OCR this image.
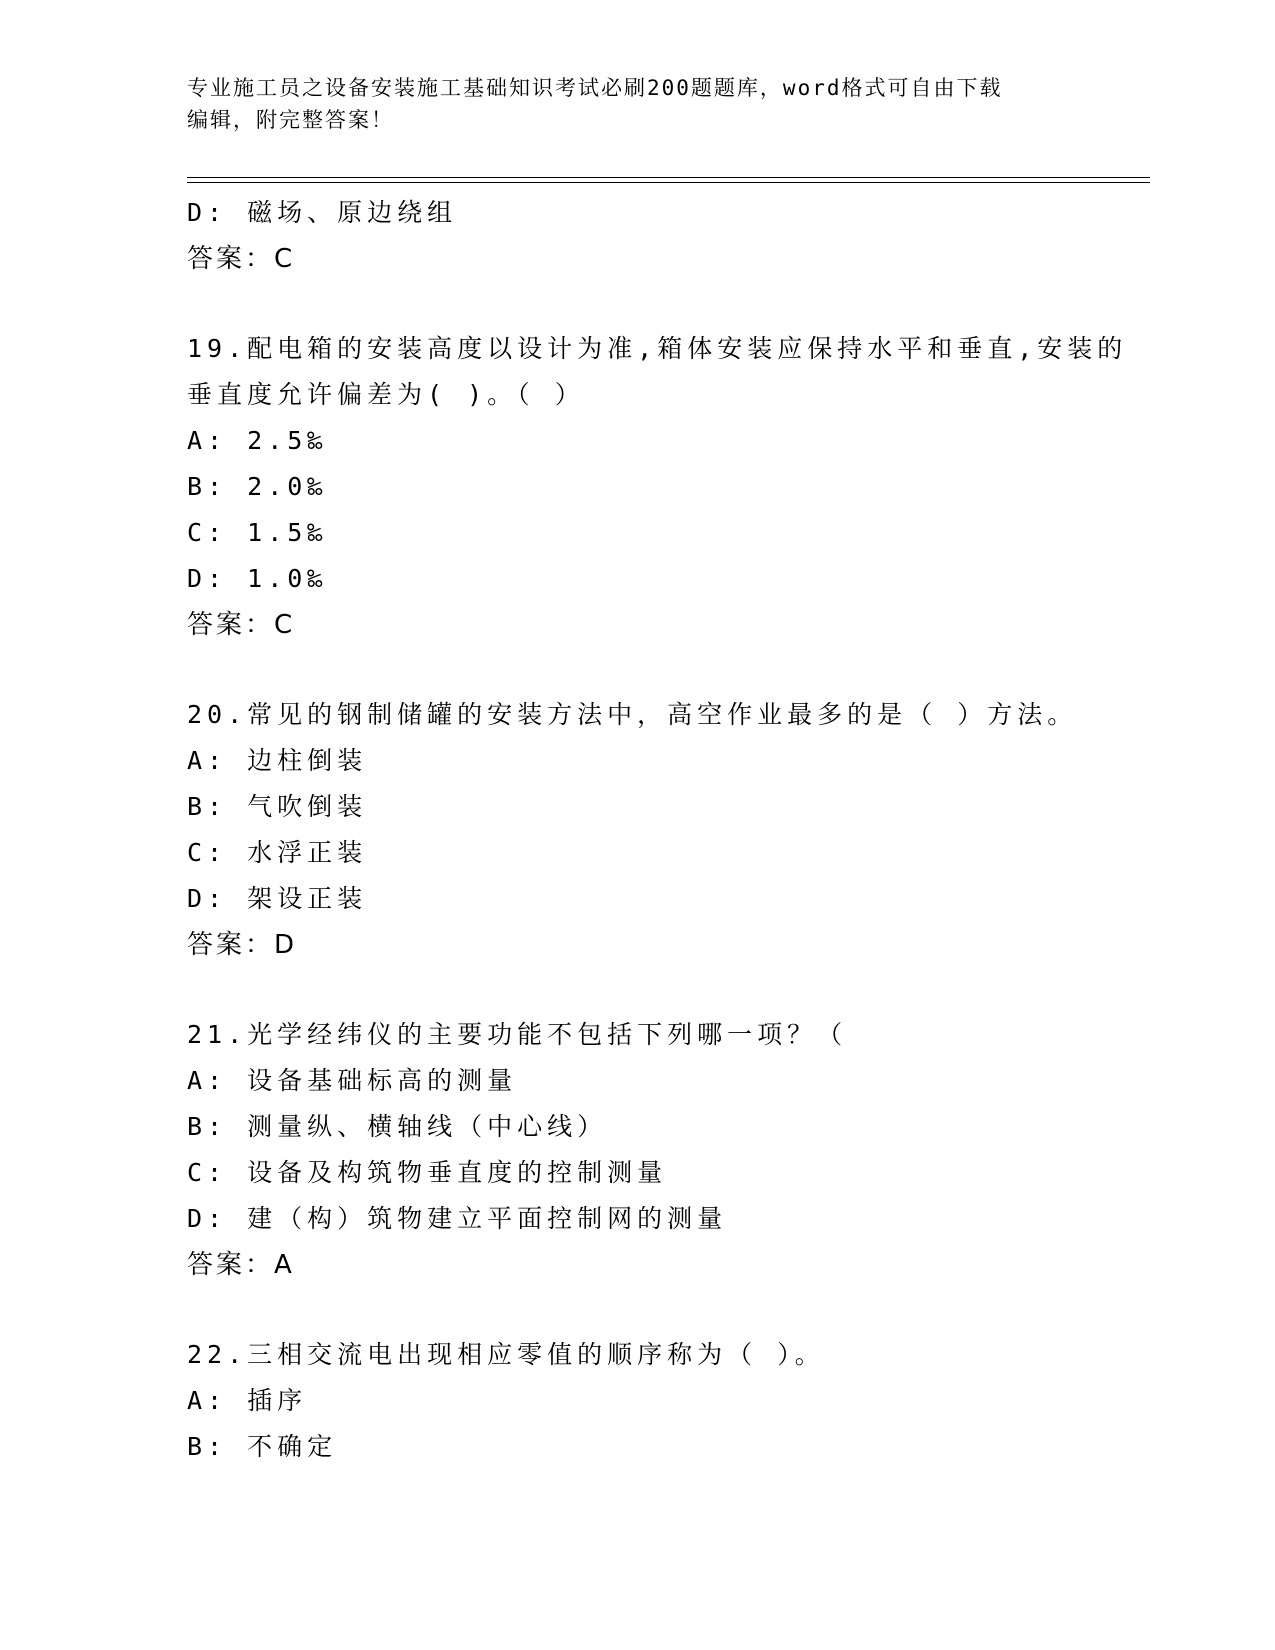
专业施工员之设备安装施工基础知识考试必刷200题题库，word格式可自由下载
编辑，附完整答案！
D: 磁场、原边绕组
答案：C
19.配电箱的安装高度以设计为准,箱体安装应保持水平和垂直,安装的
垂直度允许偏差为( )。（ ）
A: 2.5‰
B: 2.0‰
C: 1.5‰
D: 1.0‰
答案：C
20.常见的钢制储罐的安装方法中，高空作业最多的是（ ）方法。
A: 边柱倒装
B: 气吹倒装
C: 水浮正装
D: 架设正装
答案：D
21.光学经纬仪的主要功能不包括下列哪一项？（
A: 设备基础标高的测量
B: 测量纵、横轴线（中心线）
C: 设备及构筑物垂直度的控制测量
D: 建（构）筑物建立平面控制网的测量
答案：A
22.三相交流电出现相应零值的顺序称为（ ）。
A: 插序
B: 不确定
